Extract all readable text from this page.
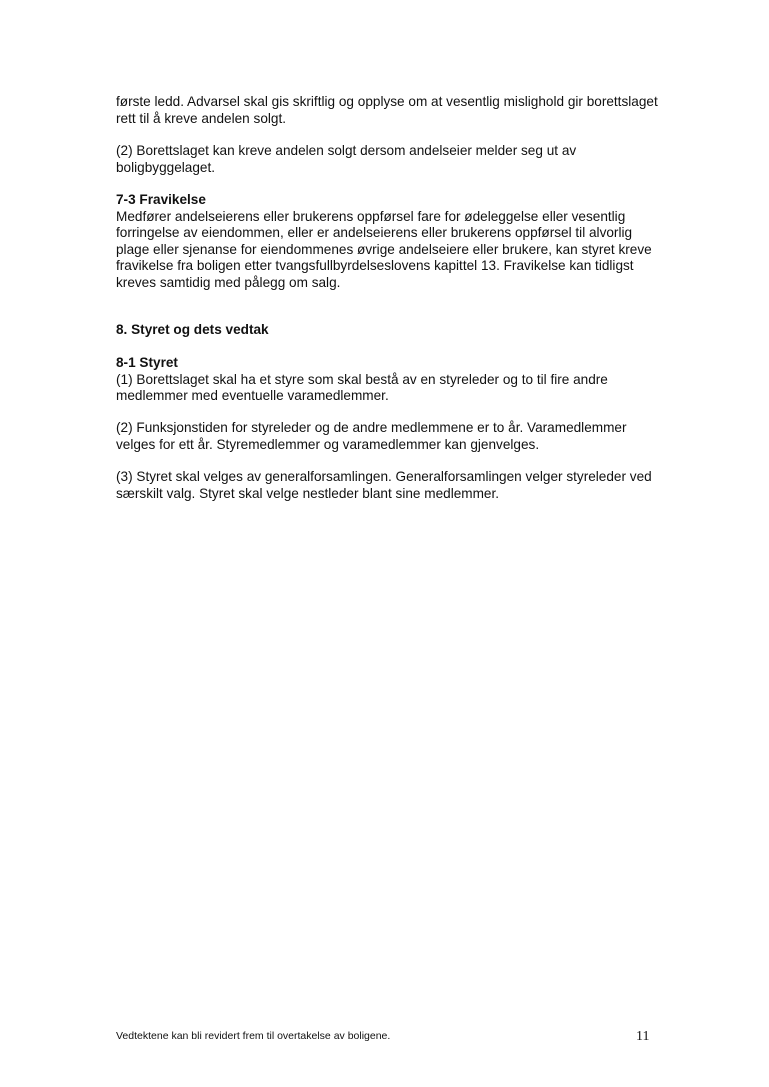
første ledd. Advarsel skal gis skriftlig og opplyse om at vesentlig mislighold gir borettslaget rett til å kreve andelen solgt.

(2) Borettslaget kan kreve andelen solgt dersom andelseier melder seg ut av boligbyggelaget.

7-3 Fravikelse

Medfører andelseierens eller brukerens oppførsel fare for ødeleggelse eller vesentlig forringelse av eiendommen, eller er andelseierens eller brukerens oppførsel til alvorlig plage eller sjenanse for eiendommenes øvrige andelseiere eller brukere, kan styret kreve fravikelse fra boligen etter tvangsfullbyrdelseslovens kapittel 13. Fravikelse kan tidligst kreves samtidig med pålegg om salg.

8. Styret og dets vedtak

8-1 Styret

(1) Borettslaget skal ha et styre som skal bestå av en styreleder og to til fire andre medlemmer med eventuelle varamedlemmer.

(2) Funksjonstiden for styreleder og de andre medlemmene er to år. Varamedlemmer velges for ett år. Styremedlemmer og varamedlemmer kan gjenvelges.

(3) Styret skal velges av generalforsamlingen. Generalforsamlingen velger styreleder ved særskilt valg. Styret skal velge nestleder blant sine medlemmer.

Vedtektene kan bli revidert frem til overtakelse av boligene.	11
